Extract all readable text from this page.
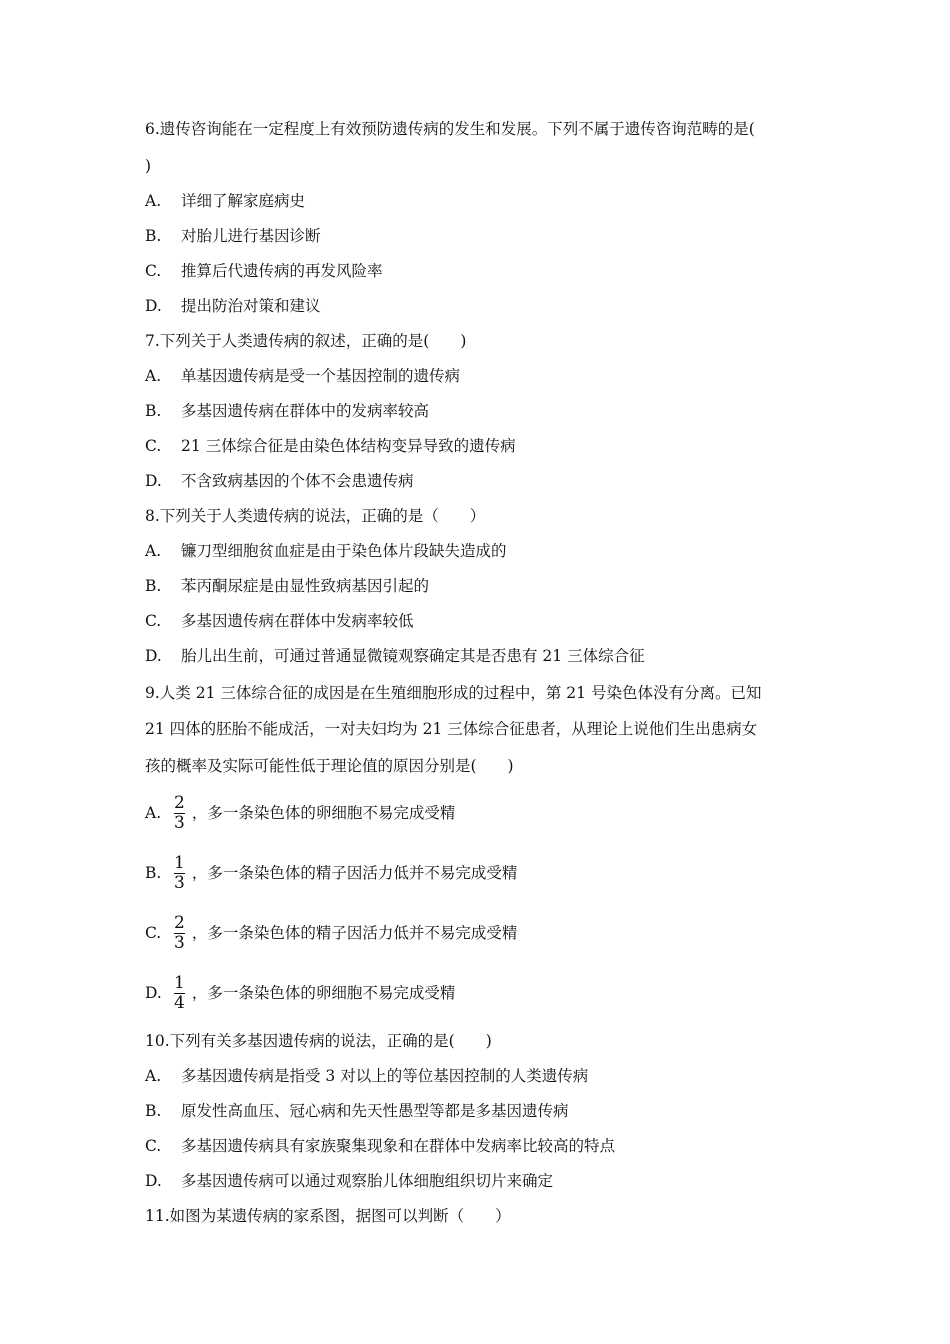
6.遗传咨询能在一定程度上有效预防遗传病的发生和发展。下列不属于遗传咨询范畴的是(
)
A.	详细了解家庭病史
B.	对胎儿进行基因诊断
C.	推算后代遗传病的再发风险率
D.	提出防治对策和建议
7.下列关于人类遗传病的叙述，正确的是(　　)
A.	单基因遗传病是受一个基因控制的遗传病
B.	多基因遗传病在群体中的发病率较高
C.	21 三体综合征是由染色体结构变异导致的遗传病
D.	不含致病基因的个体不会患遗传病
8.下列关于人类遗传病的说法，正确的是（　　）
A.	镰刀型细胞贫血症是由于染色体片段缺失造成的
B.	苯丙酮尿症是由显性致病基因引起的
C.	多基因遗传病在群体中发病率较低
D.	胎儿出生前，可通过普通显微镜观察确定其是否患有 21 三体综合征
9.人类 21 三体综合征的成因是在生殖细胞形成的过程中，第 21 号染色体没有分离。已知
21 四体的胚胎不能成活，一对夫妇均为 21 三体综合征患者，从理论上说他们生出患病女
孩的概率及实际可能性低于理论值的原因分别是(　　)
A. $\frac{2}{3}$ ，多一条染色体的卵细胞不易完成受精
B. $\frac{1}{3}$ ，多一条染色体的精子因活力低并不易完成受精
C. $\frac{2}{3}$ ，多一条染色体的精子因活力低并不易完成受精
D. $\frac{1}{4}$ ，多一条染色体的卵细胞不易完成受精
10.下列有关多基因遗传病的说法，正确的是(　　)
A.	多基因遗传病是指受 3 对以上的等位基因控制的人类遗传病
B.	原发性高血压、冠心病和先天性愚型等都是多基因遗传病
C.	多基因遗传病具有家族聚集现象和在群体中发病率比较高的特点
D.	多基因遗传病可以通过观察胎儿体细胞组织切片来确定
11.如图为某遗传病的家系图，据图可以判断（　　）
